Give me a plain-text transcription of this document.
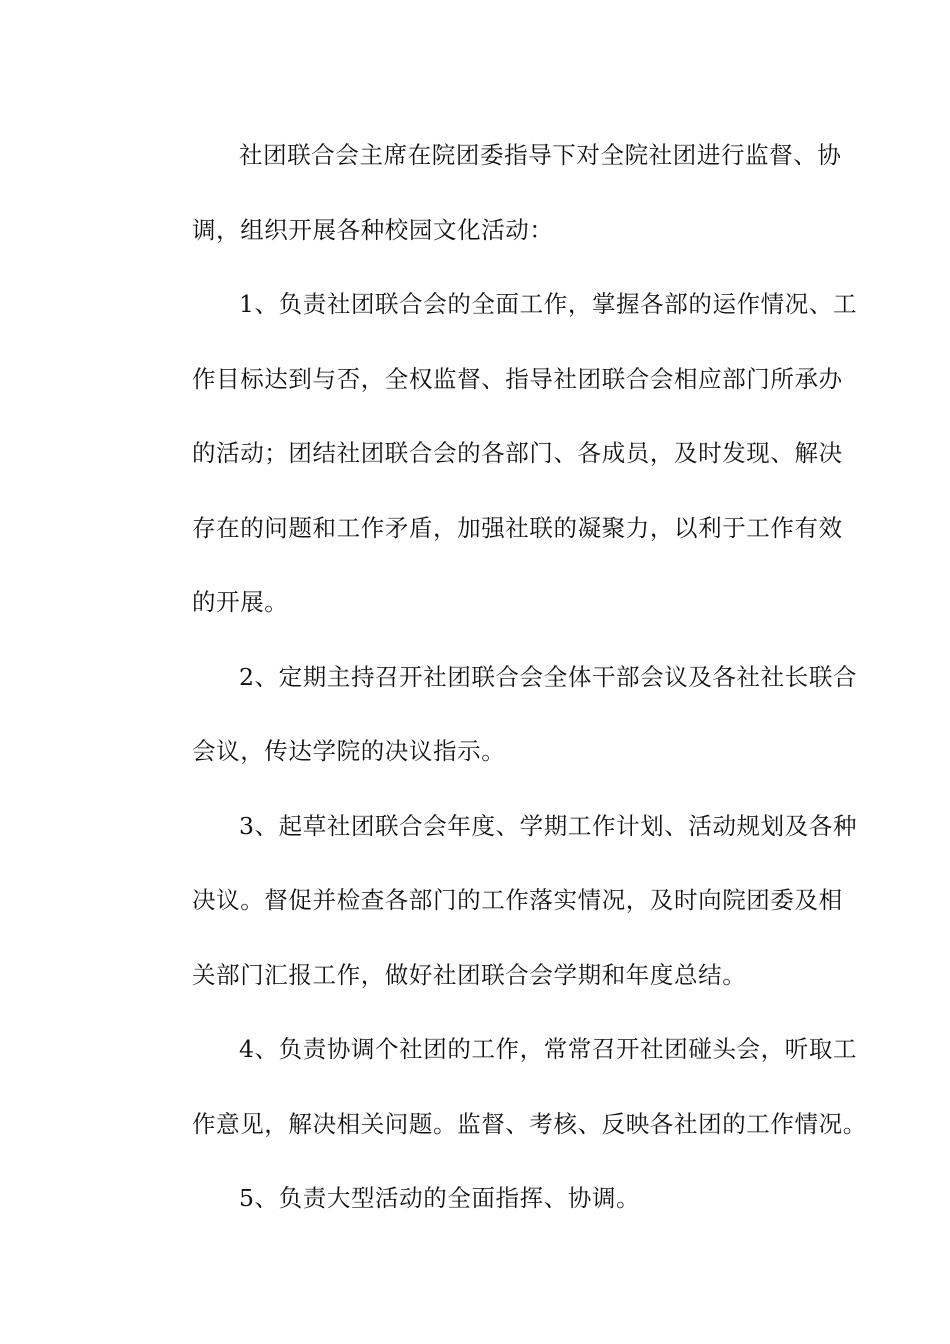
社团联合会主席在院团委指导下对全院社团进行监督、协
调，组织开展各种校园文化活动：
1、负责社团联合会的全面工作，掌握各部的运作情况、工
作目标达到与否，全权监督、指导社团联合会相应部门所承办
的活动；团结社团联合会的各部门、各成员，及时发现、解决
存在的问题和工作矛盾，加强社联的凝聚力，以利于工作有效
的开展。
2、定期主持召开社团联合会全体干部会议及各社社长联合
会议，传达学院的决议指示。
3、起草社团联合会年度、学期工作计划、活动规划及各种
决议。督促并检查各部门的工作落实情况，及时向院团委及相
关部门汇报工作，做好社团联合会学期和年度总结。
4、负责协调个社团的工作，常常召开社团碰头会，听取工
作意见，解决相关问题。监督、考核、反映各社团的工作情况。
5、负责大型活动的全面指挥、协调。
